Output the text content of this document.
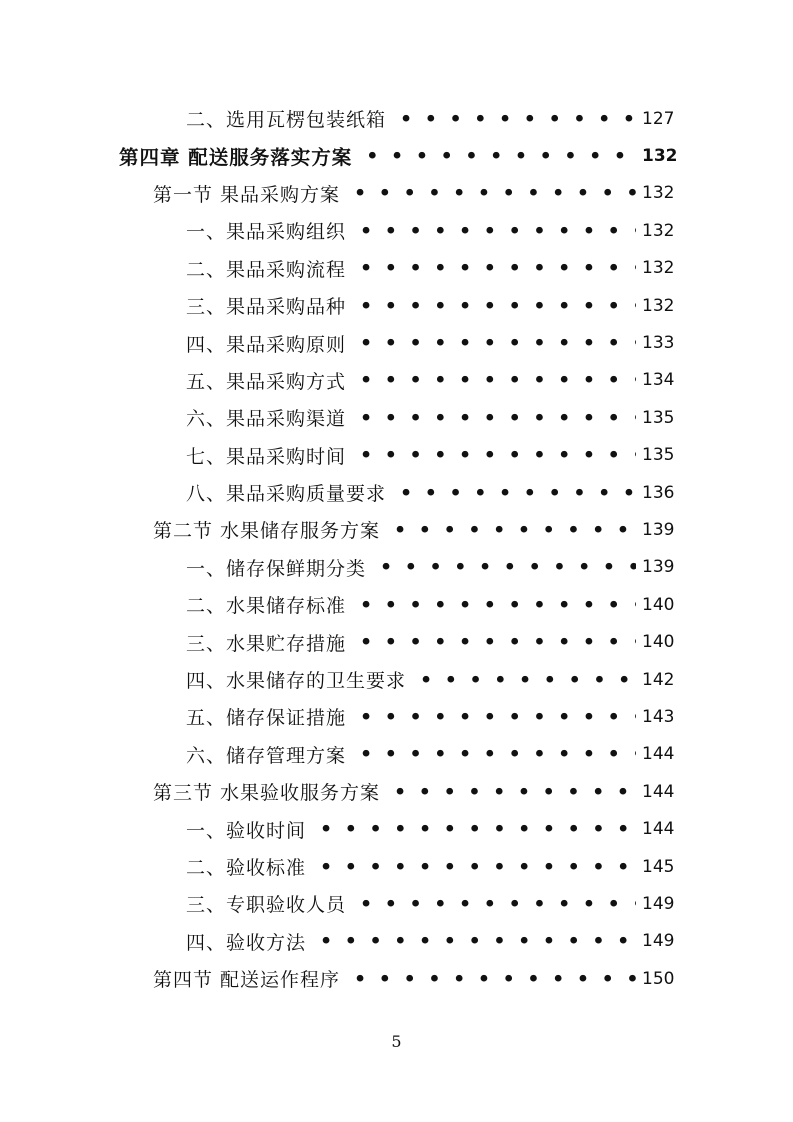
二、选用瓦楞包装纸箱 • • •	127
第四章 配送服务落实方案 • • •	132
第一节 果品采购方案 • • •	132
一、果品采购组织 • • •	132
二、果品采购流程 • • •	132
三、果品采购品种 • • •	132
四、果品采购原则 • • •	133
五、果品采购方式 • • •	134
六、果品采购渠道 • • •	135
七、果品采购时间 • • •	135
八、果品采购质量要求 • • •	136
第二节 水果储存服务方案 • • •	139
一、储存保鲜期分类 • • •	139
二、水果储存标准 • • •	140
三、水果贮存措施 • • •	140
四、水果储存的卫生要求 • • •	142
五、储存保证措施 • • •	143
六、储存管理方案 • • •	144
第三节 水果验收服务方案 • • •	144
一、验收时间 • • •	144
二、验收标准 • • •	145
三、专职验收人员 • • •	149
四、验收方法 • • •	149
第四节 配送运作程序 • • •	150
5
